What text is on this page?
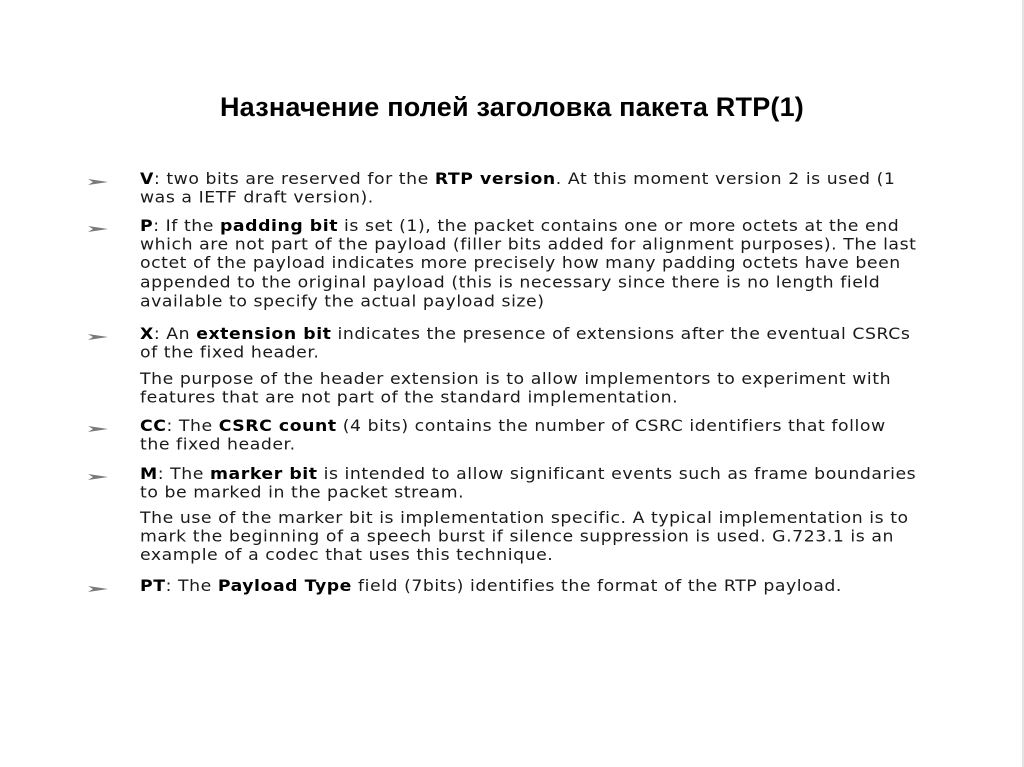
Назначение полей заголовка пакета RTP(1)
V: two bits are reserved for the RTP version. At this moment version 2 is used (1 was a IETF draft version).
P: If the padding bit is set (1), the packet contains one or more octets at the end which are not part of the payload (filler bits added for alignment purposes). The last octet of the payload indicates more precisely how many padding octets have been appended to the original payload (this is necessary since there is no length field available to specify the actual payload size)
X: An extension bit indicates the presence of extensions after the eventual CSRCs of the fixed header.
The purpose of the header extension is to allow implementors to experiment with features that are not part of the standard implementation.
CC: The CSRC count (4 bits) contains the number of CSRC identifiers that follow the fixed header.
M: The marker bit is intended to allow significant events such as frame boundaries to be marked in the packet stream.
The use of the marker bit is implementation specific. A typical implementation is to mark the beginning of a speech burst if silence suppression is used. G.723.1 is an example of a codec that uses this technique.
PT: The Payload Type field (7bits) identifies the format of the RTP payload.
